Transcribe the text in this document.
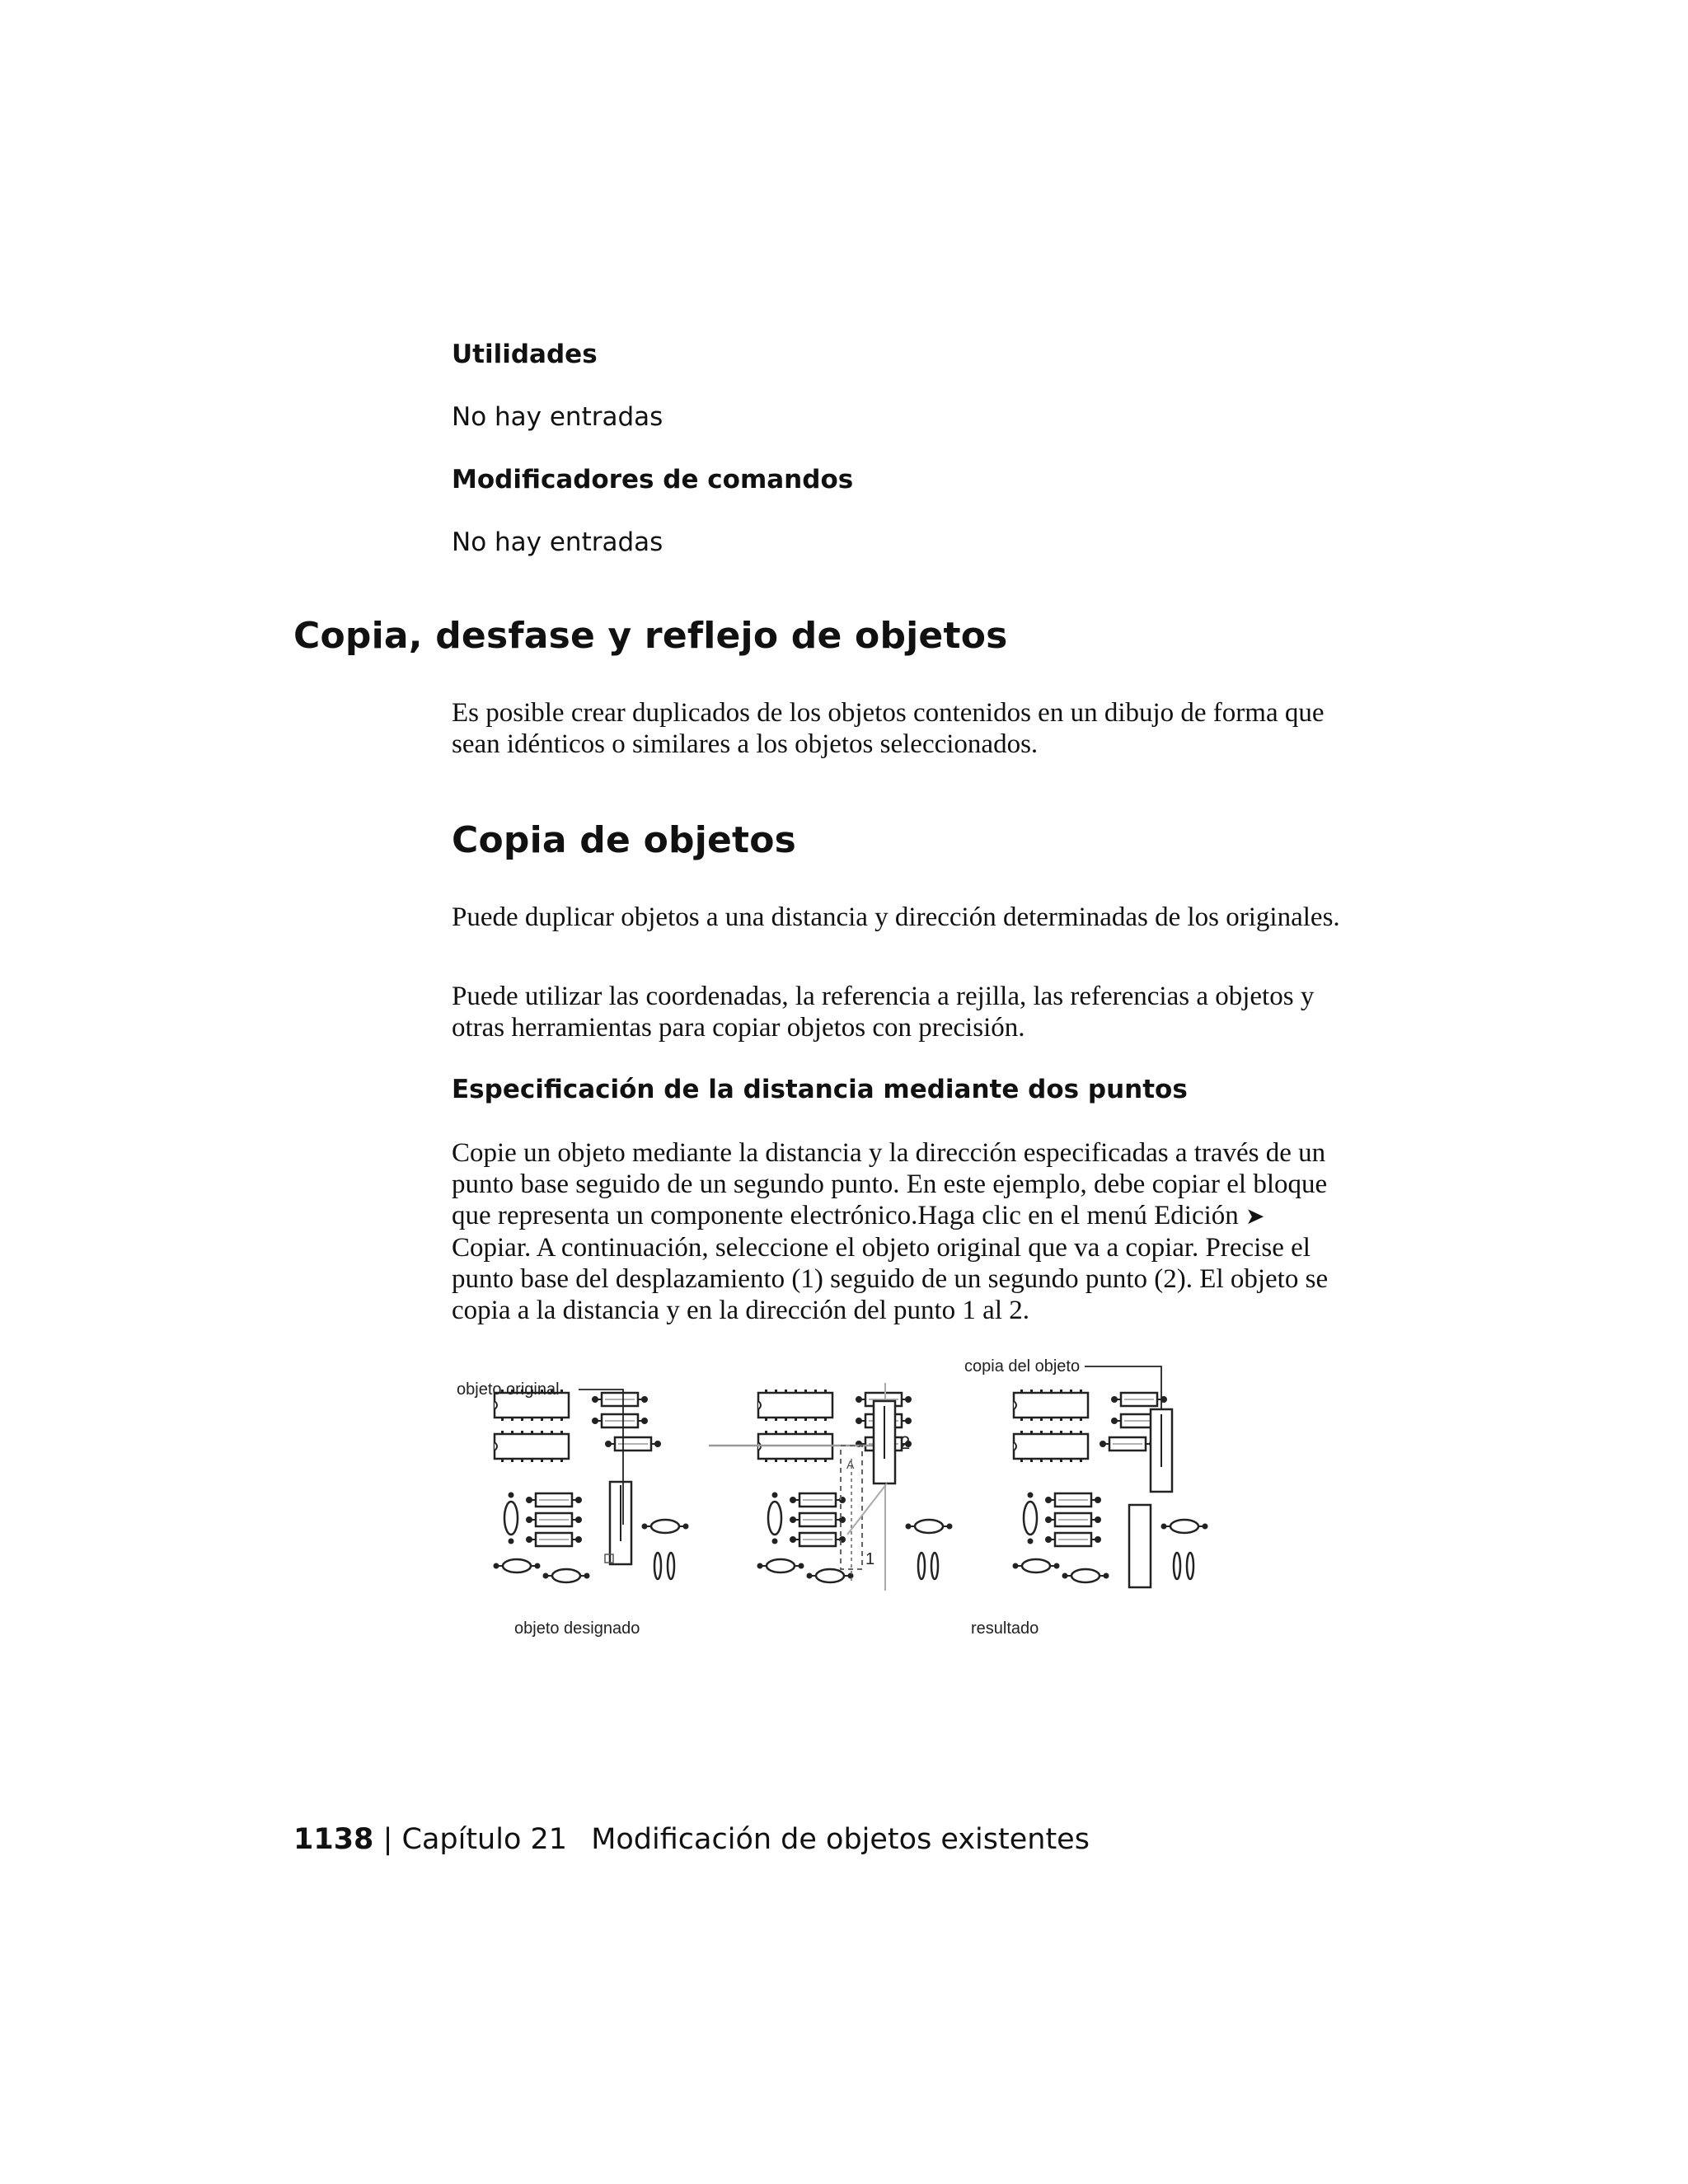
Utilidades
No hay entradas
Modificadores de comandos
No hay entradas
Copia, desfase y reflejo de objetos
Es posible crear duplicados de los objetos contenidos en un dibujo de forma que sean idénticos o similares a los objetos seleccionados.
Copia de objetos
Puede duplicar objetos a una distancia y dirección determinadas de los originales.
Puede utilizar las coordenadas, la referencia a rejilla, las referencias a objetos y otras herramientas para copiar objetos con precisión.
Especificación de la distancia mediante dos puntos
Copie un objeto mediante la distancia y la dirección especificadas a través de un punto base seguido de un segundo punto. En este ejemplo, debe copiar el bloque que representa un componente electrónico.Haga clic en el menú Edición ➤ Copiar. A continuación, seleccione el objeto original que va a copiar. Precise el punto base del desplazamiento (1) seguido de un segundo punto (2). El objeto se copia a la distancia y en la dirección del punto 1 al 2.
objeto original
objeto designado
2
1
A
copia del objeto
resultado
1138 | Capítulo 21 Modificación de objetos existentes
